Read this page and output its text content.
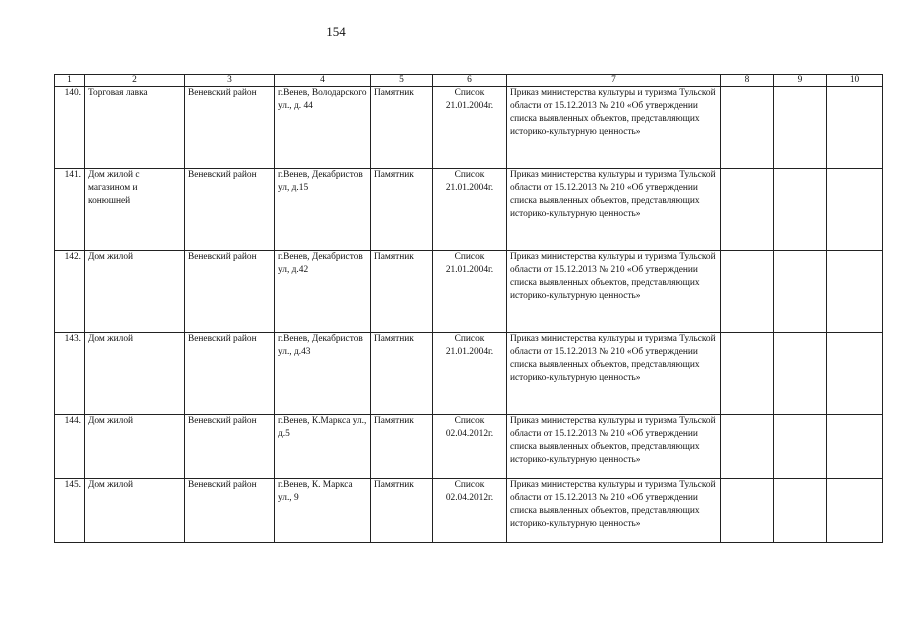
154
1	2	3	4	5	6	7	8	9	10
140.	Торговая лавка	Веневский район	г.Венев, Володарского ул., д. 44	Памятник	Список 21.01.2004г.	Приказ министерства культуры и туризма Тульской области от 15.12.2013 № 210 «Об утверждении списка выявленных объектов, представляющих историко-культурную ценность»			
141.	Дом жилой с магазином и конюшней	Веневский район	г.Венев, Декабристов ул, д.15	Памятник	Список 21.01.2004г.	Приказ министерства культуры и туризма Тульской области от 15.12.2013 № 210 «Об утверждении списка выявленных объектов, представляющих историко-культурную ценность»			
142.	Дом жилой	Веневский район	г.Венев, Декабристов ул, д.42	Памятник	Список 21.01.2004г.	Приказ министерства культуры и туризма Тульской области от 15.12.2013 № 210 «Об утверждении списка выявленных объектов, представляющих историко-культурную ценность»			
143.	Дом жилой	Веневский район	г.Венев, Декабристов ул., д.43	Памятник	Список 21.01.2004г.	Приказ министерства культуры и туризма Тульской области от 15.12.2013 № 210 «Об утверждении списка выявленных объектов, представляющих историко-культурную ценность»			
144.	Дом жилой	Веневский район	г.Венев, К.Маркса ул., д.5	Памятник	Список 02.04.2012г.	Приказ министерства культуры и туризма Тульской области от 15.12.2013 № 210 «Об утверждении списка выявленных объектов, представляющих историко-культурную ценность»			
145.	Дом жилой	Веневский район	г.Венев, К. Маркса ул., 9	Памятник	Список 02.04.2012г.	Приказ министерства культуры и туризма Тульской области от 15.12.2013 № 210 «Об утверждении списка выявленных объектов, представляющих историко-культурную ценность»			
